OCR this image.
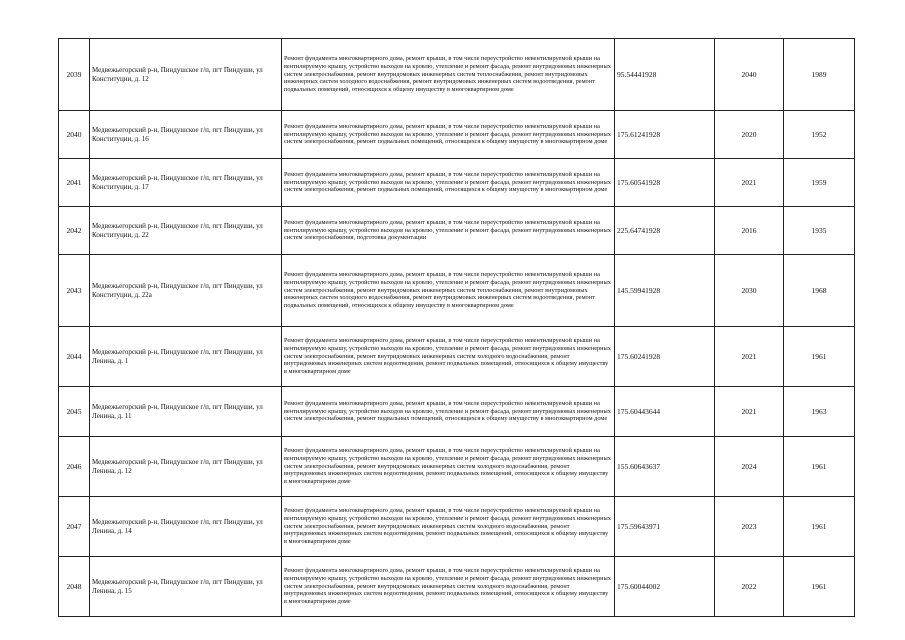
2039	Медвежьегорский р-н, Пиндушское г/п, пгт Пиндуши, ул Конституции, д. 12	Ремонт фундамента многоквартирного дома, ремонт крыши, в том числе переустройство невентилируемой крыши на вентилируемую крышу, устройство выходов на кровлю, утепление и ремонт фасада, ремонт внутридомовых инженерных систем электроснабжения, ремонт внутридомовых инженерных систем теплоснабжения, ремонт внутридомовых инженерных систем холодного водоснабжения, ремонт внутридомовых инженерных систем водоотведения, ремонт подвальных помещений, относящихся к общему имуществу в многоквартирном доме	95.54441928	2040	1989
2040	Медвежьегорский р-н, Пиндушское г/п, пгт Пиндуши, ул Конституции, д. 16	Ремонт фундамента многоквартирного дома, ремонт крыши, в том числе переустройство невентилируемой крыши на вентилируемую крышу, устройство выходов на кровлю, утепление и ремонт фасада, ремонт внутридомовых инженерных систем электроснабжения, ремонт подвальных помещений, относящихся к общему имуществу в многоквартирном доме	175.61241928	2020	1952
2041	Медвежьегорский р-н, Пиндушское г/п, пгт Пиндуши, ул Конституции, д. 17	Ремонт фундамента многоквартирного дома, ремонт крыши, в том числе переустройство невентилируемой крыши на вентилируемую крышу, устройство выходов на кровлю, утепление и ремонт фасада, ремонт внутридомовых инженерных систем электроснабжения, ремонт подвальных помещений, относящихся к общему имуществу в многоквартирном доме	175.60541928	2021	1959
2042	Медвежьегорский р-н, Пиндушское г/п, пгт Пиндуши, ул Конституции, д. 22	Ремонт фундамента многоквартирного дома, ремонт крыши, в том числе переустройство невентилируемой крыши на вентилируемую крышу, устройство выходов на кровлю, утепление и ремонт фасада, ремонт внутридомовых инженерных систем электроснабжения, подготовка документации	225.64741928	2016	1935
2043	Медвежьегорский р-н, Пиндушское г/п, пгт Пиндуши, ул Конституции, д. 22а	Ремонт фундамента многоквартирного дома, ремонт крыши, в том числе переустройство невентилируемой крыши на вентилируемую крышу, устройство выходов на кровлю, утепление и ремонт фасада, ремонт внутридомовых инженерных систем электроснабжения, ремонт внутридомовых инженерных систем теплоснабжения, ремонт внутридомовых инженерных систем холодного водоснабжения, ремонт внутридомовых инженерных систем водоотведения, ремонт подвальных помещений, относящихся к общему имуществу в многоквартирном доме	145.59941928	2030	1968
2044	Медвежьегорский р-н, Пиндушское г/п, пгт Пиндуши, ул Ленина, д. 1	Ремонт фундамента многоквартирного дома, ремонт крыши, в том числе переустройство невентилируемой крыши на вентилируемую крышу, устройство выходов на кровлю, утепление и ремонт фасада, ремонт внутридомовых инженерных систем электроснабжения, ремонт внутридомовых инженерных систем холодного водоснабжения, ремонт внутридомовых инженерных систем водоотведения, ремонт подвальных помещений, относящихся к общему имуществу в многоквартирном доме	175.60241928	2021	1961
2045	Медвежьегорский р-н, Пиндушское г/п, пгт Пиндуши, ул Ленина, д. 11	Ремонт фундамента многоквартирного дома, ремонт крыши, в том числе переустройство невентилируемой крыши на вентилируемую крышу, устройство выходов на кровлю, утепление и ремонт фасада, ремонт внутридомовых инженерных систем электроснабжения, ремонт подвальных помещений, относящихся к общему имуществу в многоквартирном доме	175.60443644	2021	1963
2046	Медвежьегорский р-н, Пиндушское г/п, пгт Пиндуши, ул Ленина, д. 12	Ремонт фундамента многоквартирного дома, ремонт крыши, в том числе переустройство невентилируемой крыши на вентилируемую крышу, устройство выходов на кровлю, утепление и ремонт фасада, ремонт внутридомовых инженерных систем электроснабжения, ремонт внутридомовых инженерных систем холодного водоснабжения, ремонт внутридомовых инженерных систем водоотведения, ремонт подвальных помещений, относящихся к общему имуществу в многоквартирном доме	155.60643637	2024	1961
2047	Медвежьегорский р-н, Пиндушское г/п, пгт Пиндуши, ул Ленина, д. 14	Ремонт фундамента многоквартирного дома, ремонт крыши, в том числе переустройство невентилируемой крыши на вентилируемую крышу, устройство выходов на кровлю, утепление и ремонт фасада, ремонт внутридомовых инженерных систем электроснабжения, ремонт внутридомовых инженерных систем холодного водоснабжения, ремонт внутридомовых инженерных систем водоотведения, ремонт подвальных помещений, относящихся к общему имуществу в многоквартирном доме	175.59643971	2023	1961
2048	Медвежьегорский р-н, Пиндушское г/п, пгт Пиндуши, ул Ленина, д. 15	Ремонт фундамента многоквартирного дома, ремонт крыши, в том числе переустройство невентилируемой крыши на вентилируемую крышу, устройство выходов на кровлю, утепление и ремонт фасада, ремонт внутридомовых инженерных систем электроснабжения, ремонт внутридомовых инженерных систем холодного водоснабжения, ремонт внутридомовых инженерных систем водоотведения, ремонт подвальных помещений, относящихся к общему имуществу в многоквартирном доме	175.60044002	2022	1961
